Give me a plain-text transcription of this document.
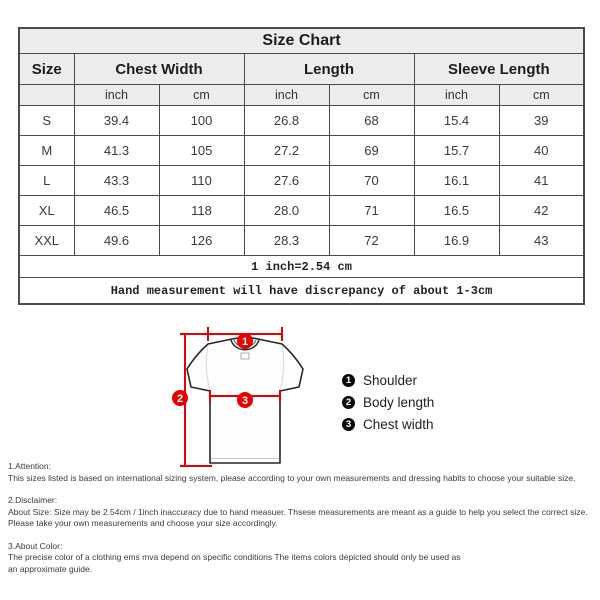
Size Chart						
Size	Chest Width		Length		Sleeve Length	
	inch	cm	inch	cm	inch	cm
S	39.4	100	26.8	68	15.4	39
M	41.3	105	27.2	69	15.7	40
L	43.3	110	27.6	70	16.1	41
XL	46.5	118	28.0	71	16.5	42
XXL	49.6	126	28.3	72	16.9	43
1 inch=2.54 cm						
Hand measurement will have discrepancy of about 1-3cm						
1
2	3
1 Shoulder
2 Body length
3 Chest width
1.Attention:
This sizes listed is based on international sizing system, please according to your own measurements and dressing habits to choose your suitable size.
2.Disclaimer:
About Size: Size may be 2.54cm / 1inch inaccuracy due to hand measuer. Thsese measurements are meant as a guide to help you select the correct size.
Please take your own measurements and choose your size accordingly.
3.About Color:
The precise color of a clothing ems mva depend on specific conditions The items colors depicted should only be used as
an approximate guide.
